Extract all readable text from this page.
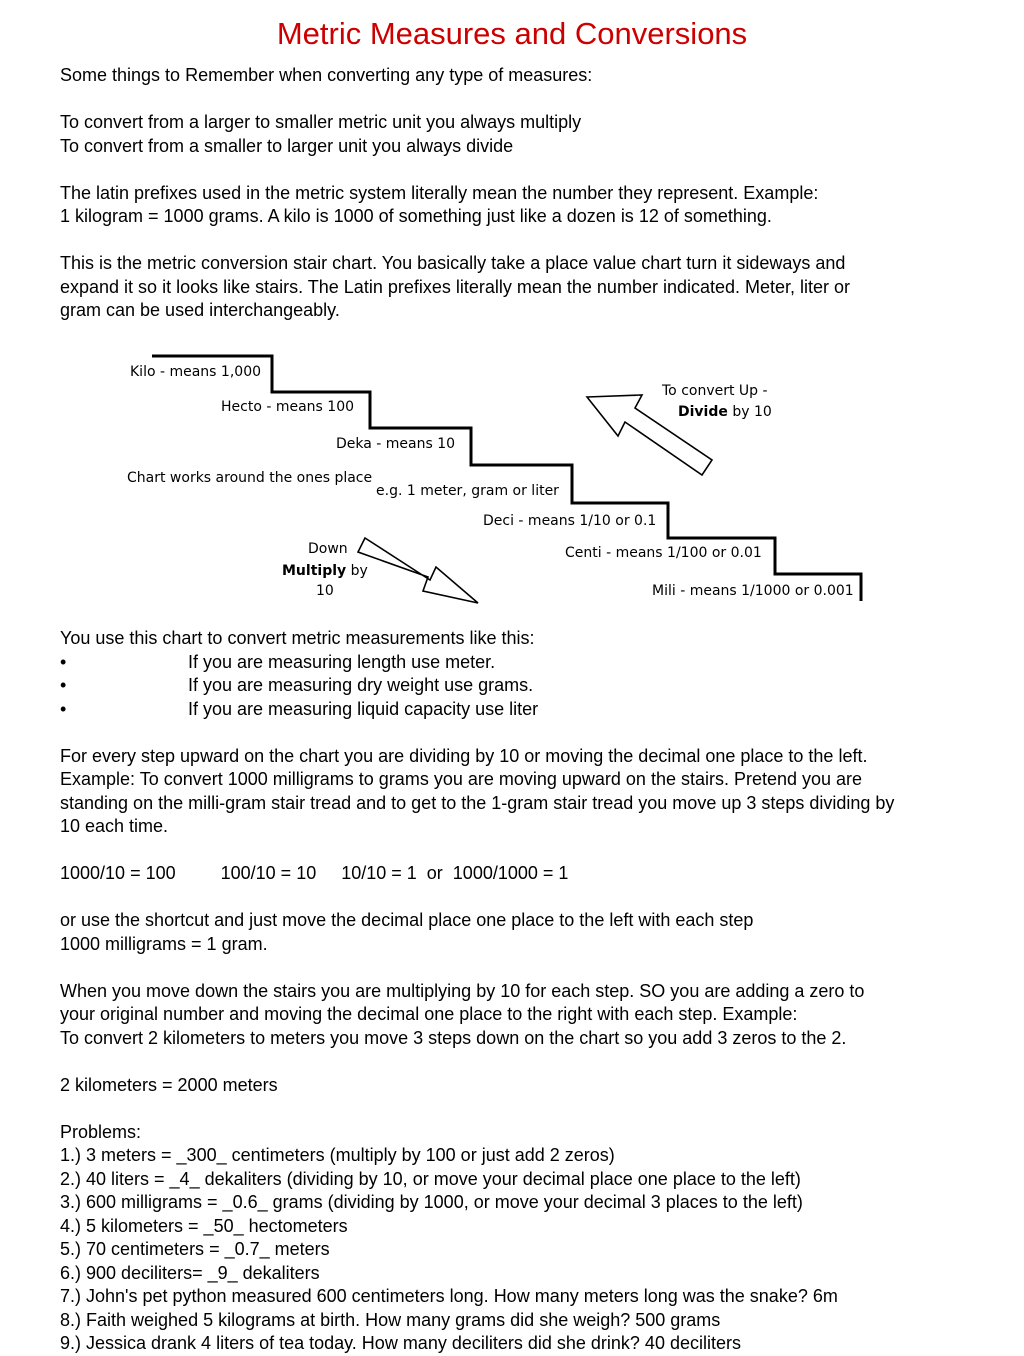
Metric Measures and Conversions

Some things to Remember when converting any type of measures:

To convert from a larger to smaller metric unit you always multiply

To convert from a smaller to larger unit you always divide

The latin prefixes used in the metric system literally mean the number they represent. Example:

1 kilogram = 1000 grams. A kilo is 1000 of something just like a dozen is 12 of something.

This is the metric conversion stair chart. You basically take a place value chart turn it sideways and

expand it so it looks like stairs. The Latin prefixes literally mean the number indicated. Meter, liter or

gram can be used interchangeably.

Kilo - means 1,000
Hecto - means 100
Deka - means 10
Chart works around the ones place
e.g. 1 meter, gram or liter
Deci - means 1/10 or 0.1
Centi - means 1/100 or 0.01
Mili - means 1/1000 or 0.001
To convert Up -
Divide by 10
Down
Multiply by
10

You use this chart to convert metric measurements like this:

•	If you are measuring length use meter.
•	If you are measuring dry weight use grams.
•	If you are measuring liquid capacity use liter

For every step upward on the chart you are dividing by 10 or moving the decimal one place to the left.

Example: To convert 1000 milligrams to grams you are moving upward on the stairs. Pretend you are

standing on the milli-gram stair tread and to get to the 1-gram stair tread you move up 3 steps dividing by

10 each time.

1000/10 = 100         100/10 = 10     10/10 = 1  or  1000/1000 = 1

or use the shortcut and just move the decimal place one place to the left with each step

1000 milligrams = 1 gram.

When you move down the stairs you are multiplying by 10 for each step. SO you are adding a zero to

your original number and moving the decimal one place to the right with each step. Example:

To convert 2 kilometers to meters you move 3 steps down on the chart so you add 3 zeros to the 2.

2 kilometers = 2000 meters

Problems:

1.) 3 meters = _300_ centimeters (multiply by 100 or just add 2 zeros)

2.) 40 liters = _4_ dekaliters (dividing by 10, or move your decimal place one place to the left)

3.) 600 milligrams = _0.6_ grams (dividing by 1000, or move your decimal 3 places to the left)

4.) 5 kilometers = _50_ hectometers

5.) 70 centimeters = _0.7_ meters

6.) 900 deciliters= _9_ dekaliters

7.) John's pet python measured 600 centimeters long. How many meters long was the snake? 6m

8.) Faith weighed 5 kilograms at birth. How many grams did she weigh? 500 grams

9.) Jessica drank 4 liters of tea today. How many deciliters did she drink? 40 deciliters
